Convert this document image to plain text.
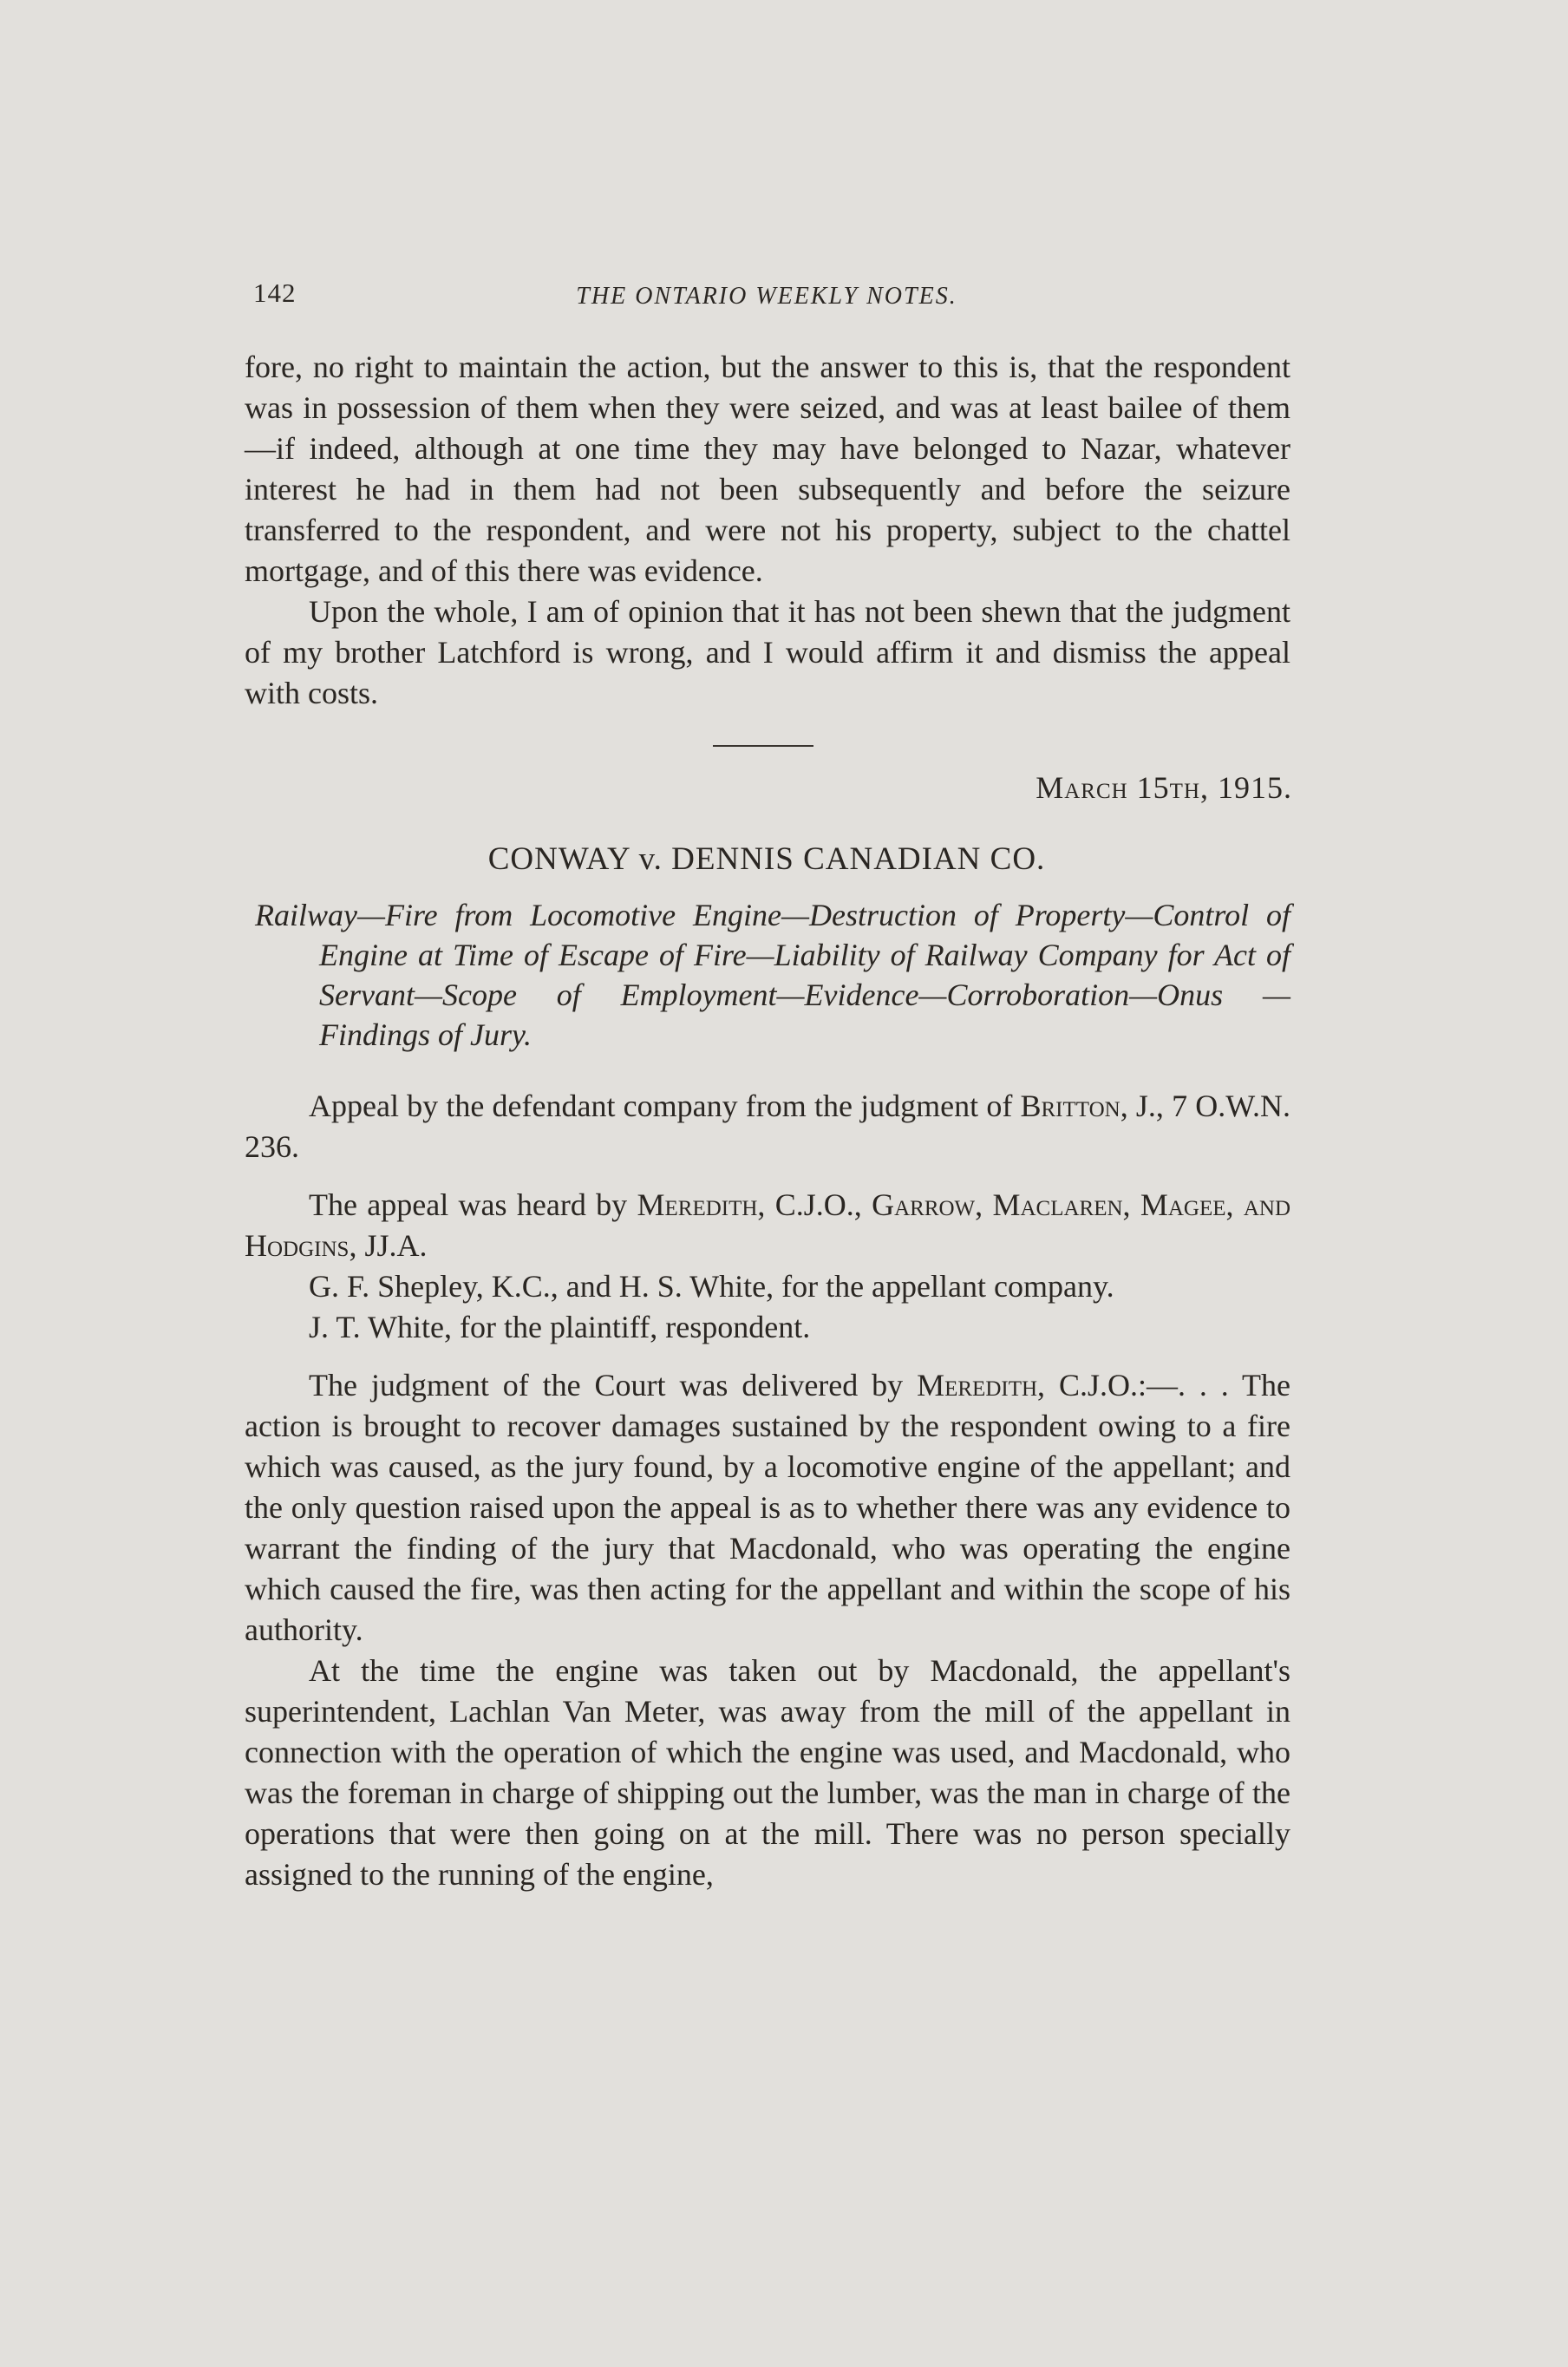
142	THE ONTARIO WEEKLY NOTES.

fore, no right to maintain the action, but the answer to this is, that the respondent was in possession of them when they were seized, and was at least bailee of them—if indeed, although at one time they may have belonged to Nazar, whatever interest he had in them had not been subsequently and before the seizure transferred to the respondent, and were not his property, subject to the chattel mortgage, and of this there was evidence.

Upon the whole, I am of opinion that it has not been shewn that the judgment of my brother Latchford is wrong, and I would affirm it and dismiss the appeal with costs.

March 15th, 1915.
CONWAY v. DENNIS CANADIAN CO.

Railway—Fire from Locomotive Engine—Destruction of Property—Control of Engine at Time of Escape of Fire—Liability of Railway Company for Act of Servant—Scope of Employment—Evidence—Corroboration—Onus — Findings of Jury.

Appeal by the defendant company from the judgment of Britton, J., 7 O.W.N. 236.

The appeal was heard by Meredith, C.J.O., Garrow, Maclaren, Magee, and Hodgins, JJ.A.

G. F. Shepley, K.C., and H. S. White, for the appellant company.

J. T. White, for the plaintiff, respondent.

The judgment of the Court was delivered by Meredith, C.J.O.:—. . . The action is brought to recover damages sustained by the respondent owing to a fire which was caused, as the jury found, by a locomotive engine of the appellant; and the only question raised upon the appeal is as to whether there was any evidence to warrant the finding of the jury that Macdonald, who was operating the engine which caused the fire, was then acting for the appellant and within the scope of his authority.

At the time the engine was taken out by Macdonald, the appellant's superintendent, Lachlan Van Meter, was away from the mill of the appellant in connection with the operation of which the engine was used, and Macdonald, who was the foreman in charge of shipping out the lumber, was the man in charge of the operations that were then going on at the mill. There was no person specially assigned to the running of the engine,
